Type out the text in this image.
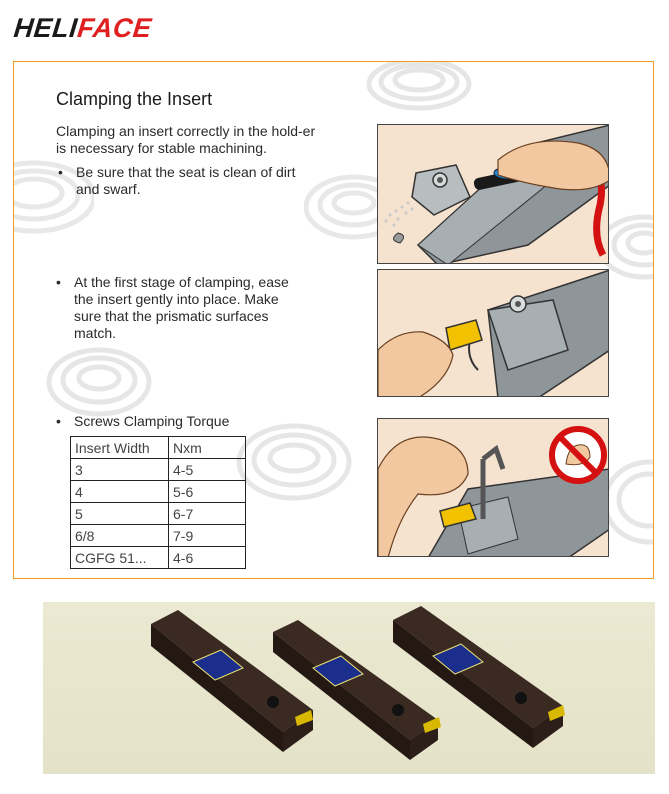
HELIFACE
Clamping the Insert
Clamping an insert correctly in the hold-er is necessary for stable machining.
• Be sure that the seat is clean of dirt and swarf.
• At the first stage of clamping, ease the insert gently into place. Make sure that the prismatic surfaces match.
• Screws Clamping Torque
Insert Width	Nxm
3	4-5
4	5-6
5	6-7
6/8	7-9
CGFG 51...	4-6
